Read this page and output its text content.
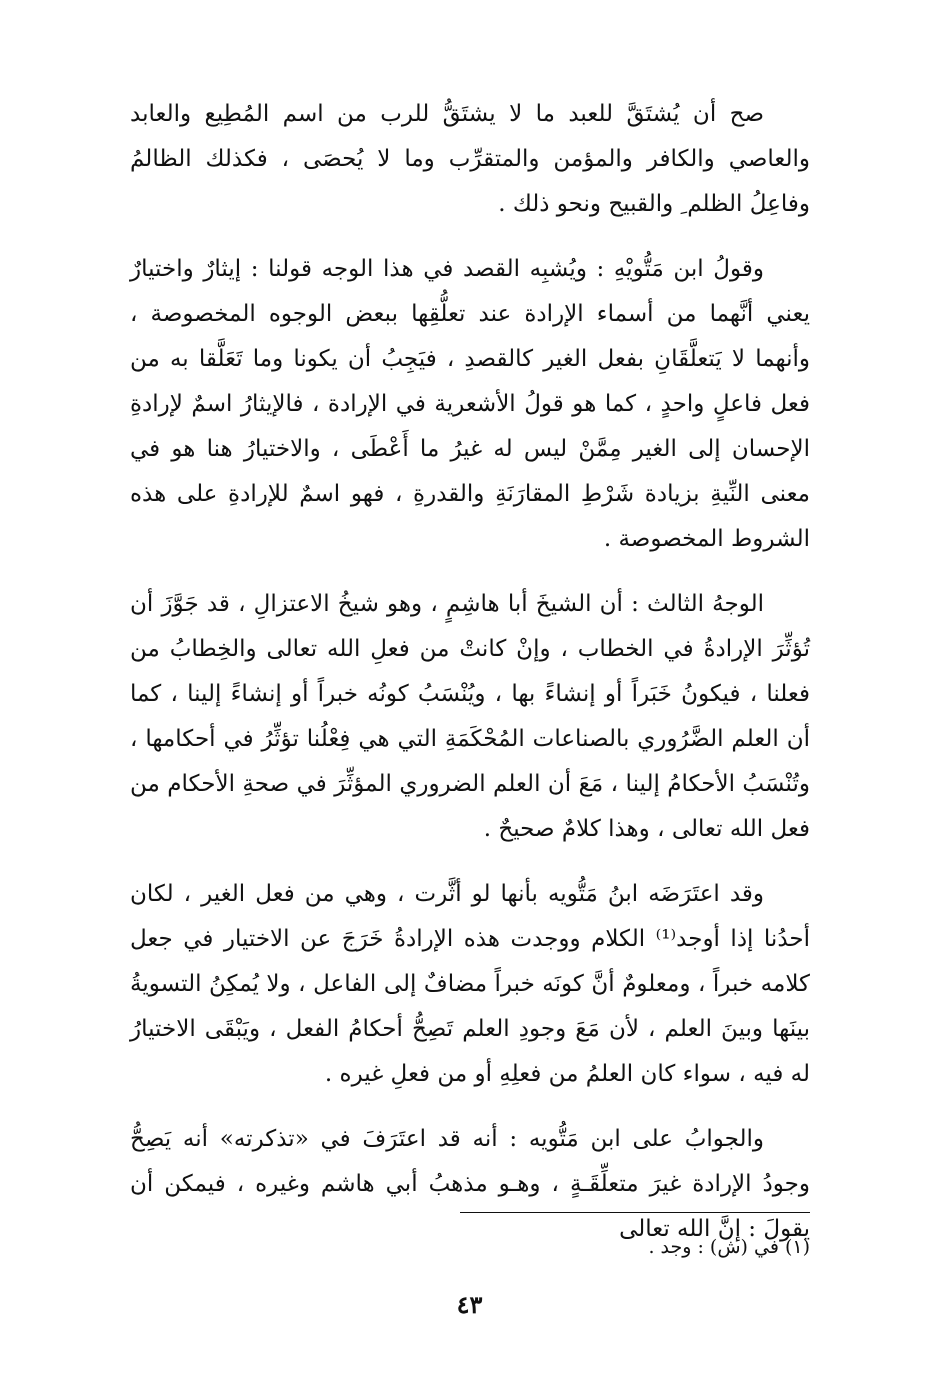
صح أن يُشتَقَّ للعبد ما لا يشتَقُّ للرب من اسم المُطِيع والعابد والعاصي والكافر والمؤمن والمتقرِّب وما لا يُحصَى ، فكذلك الظالمُ وفاعِلُ الظلم ِ والقبيح ونحو ذلك .

وقولُ ابن مَتُّويْهِ : ويُشبِه القصد في هذا الوجه قولنا : إيثارٌ واختيارٌ يعني أنَّهما من أسماء الإرادة عند تعلُّقِها ببعض الوجوه المخصوصة ، وأنهما لا يَتعلَّقَانِ بفعل الغير كالقصدِ ، فيَجِبُ أن يكونا وما تَعَلَّقا به من فعل فاعلٍ واحدٍ ، كما هو قولُ الأشعرية في الإرادة ، فالإيثارُ اسمٌ لإرادةِ الإحسان إلى الغير مِمَّنْ ليس له غيرُ ما أَعْطَى ، والاختيارُ هنا هو في معنى النِّيةِ بزيادة شَرْطِ المقارَنَةِ والقدرةِ ، فهو اسمٌ للإرادةِ على هذه الشروط المخصوصة .

الوجهُ الثالث : أن الشيخَ أبا هاشِمٍ ، وهو شيخُ الاعتزالِ ، قد جَوَّزَ أن تُؤثِّرَ الإرادةُ في الخطاب ، وإنْ كانتْ من فعلِ الله تعالى والخِطابُ من فعلنا ، فيكونُ خَبَراً أو إنشاءً بها ، ويُنْسَبُ كونُه خبراً أو إنشاءً إلينا ، كما أن العلم الضَّرُوري بالصناعات المُحْكَمَةِ التي هي فِعْلُنا تؤثِّرُ في أحكامها ، وتُنْسَبُ الأحكامُ إلينا ، مَعَ أن العلم الضروري المؤثِّرَ في صحةِ الأحكام من فعل الله تعالى ، وهذا كلامٌ صحيحٌ .

وقد اعتَرَضَه ابنُ مَتُّويه بأنها لو أثَّرت ، وهي من فعل الغير ، لكان أحدُنا إذا أوجد⁽¹⁾ الكلام ووجدت هذه الإرادةُ خَرَجَ عن الاختيار في جعل كلامه خبراً ، ومعلومٌ أنَّ كونَه خبراً مضافٌ إلى الفاعل ، ولا يُمكِنُ التسويةُ بينَها وبينَ العلم ، لأن مَعَ وجودِ العلم تَصِحُّ أحكامُ الفعل ، ويَبْقَى الاختيارُ له فيه ، سواء كان العلمُ من فعلِهِ أو من فعلِ غيره .

والجوابُ على ابن مَتُّويه : أنه قد اعتَرَفَ في «تذكرته» أنه يَصِحُّ وجودُ الإرادة غيرَ متعلِّقَـةٍ ، وهـو مذهبُ أبي هاشم وغيره ، فيمكن أن يقولَ : إنَّ الله تعالى

(١) في (ش) : وجد .

٤٣
